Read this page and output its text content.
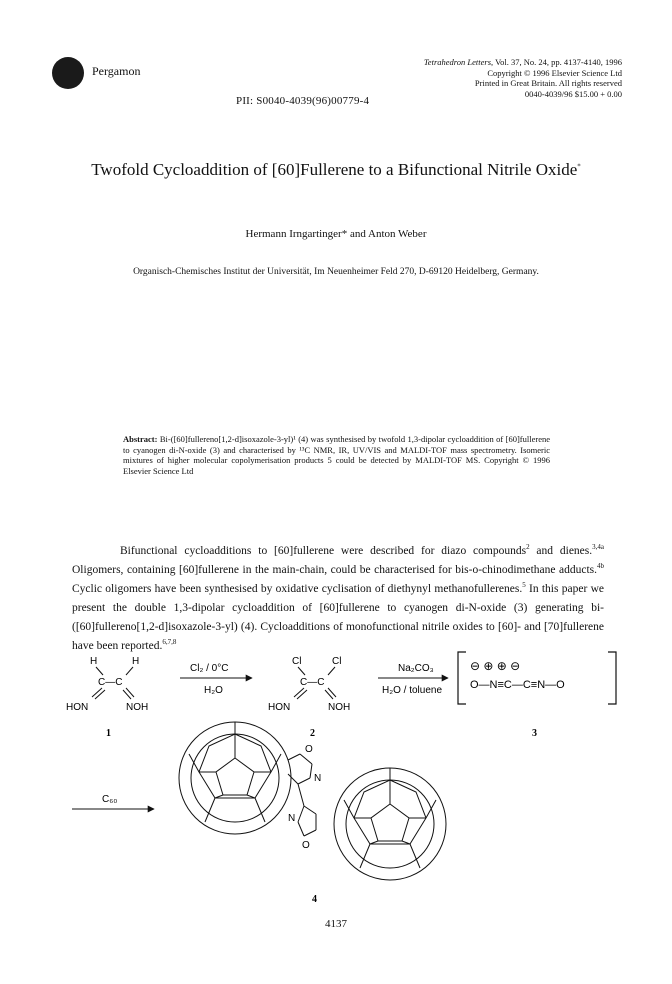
Pergamon
Tetrahedron Letters, Vol. 37, No. 24, pp. 4137-4140, 1996
Copyright © 1996 Elsevier Science Ltd
Printed in Great Britain. All rights reserved
0040-4039/96 $15.00 + 0.00
PII: S0040-4039(96)00779-4
Twofold Cycloaddition of [60]Fullerene to a Bifunctional Nitrile Oxide*
Hermann Irngartinger* and Anton Weber
Organisch-Chemisches Institut der Universität, Im Neuenheimer Feld 270, D-69120 Heidelberg, Germany.
Abstract: Bi-([60]fullereno[1,2-d]isoxazole-3-yl)¹ (4) was synthesised by twofold 1,3-dipolar cycloaddition of [60]fullerene to cyanogen di-N-oxide (3) and characterised by ¹³C NMR, IR, UV/VIS and MALDI-TOF mass spectrometry. Isomeric mixtures of higher molecular copolymerisation products 5 could be detected by MALDI-TOF MS. Copyright © 1996 Elsevier Science Ltd

Bifunctional cycloadditions to [60]fullerene were described for diazo compounds$^2$ and dienes.$^{3,4a}$ Oligomers, containing [60]fullerene in the main-chain, could be characterised for bis-o-chinodimethane adducts.$^{4b}$ Cyclic oligomers have been synthesised by oxidative cyclisation of diethynyl methanofullerenes.$^5$ In this paper we present the double 1,3-dipolar cycloaddition of [60]fullerene to cyanogen di-N-oxide (3) generating bi-([60]fullereno[1,2-d]isoxazole-3-yl) (4). Cycloadditions of monofunctional nitrile oxides to [60]- and [70]fullerene have been reported.$^{6,7,8}$

H	H
C—C
HON	NOH
1
Cl₂ / 0°C
H₂O
Cl	Cl
C—C
HON	NOH
2
Na₂CO₃
H₂O / toluene
⊖ ⊕ ⊕ ⊖
O—N≡C—C≡N—O
3
C₆₀
O
N
N
O
4
4137
